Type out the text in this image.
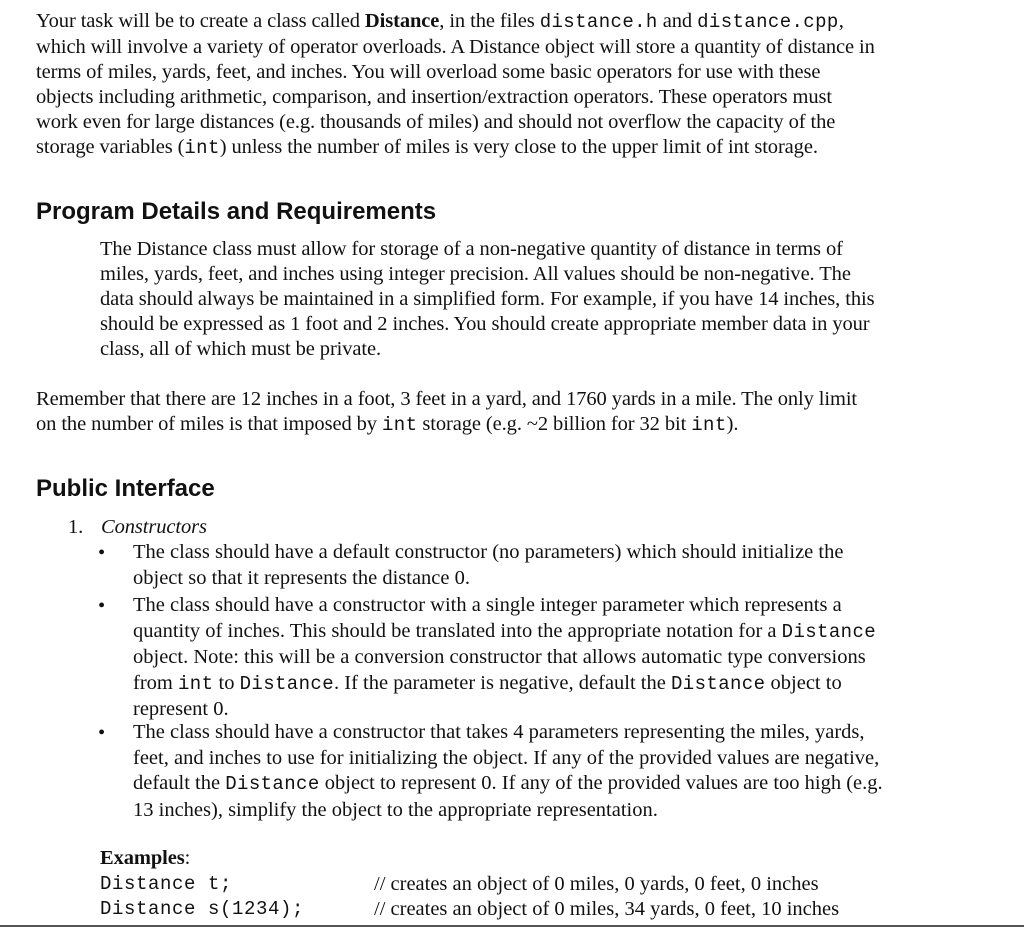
Your task will be to create a class called Distance, in the files distance.h and distance.cpp,
which will involve a variety of operator overloads. A Distance object will store a quantity of distance in
terms of miles, yards, feet, and inches. You will overload some basic operators for use with these
objects including arithmetic, comparison, and insertion/extraction operators. These operators must
work even for large distances (e.g. thousands of miles) and should not overflow the capacity of the
storage variables (int) unless the number of miles is very close to the upper limit of int storage.
Program Details and Requirements
The Distance class must allow for storage of a non-negative quantity of distance in terms of
miles, yards, feet, and inches using integer precision. All values should be non-negative. The
data should always be maintained in a simplified form. For example, if you have 14 inches, this
should be expressed as 1 foot and 2 inches. You should create appropriate member data in your
class, all of which must be private.
Remember that there are 12 inches in a foot, 3 feet in a yard, and 1760 yards in a mile. The only limit
on the number of miles is that imposed by int storage (e.g. ~2 billion for 32 bit int).
Public Interface
1. Constructors
• The class should have a default constructor (no parameters) which should initialize the
object so that it represents the distance 0.
• The class should have a constructor with a single integer parameter which represents a
quantity of inches. This should be translated into the appropriate notation for a Distance
object. Note: this will be a conversion constructor that allows automatic type conversions
from int to Distance. If the parameter is negative, default the Distance object to
represent 0.
• The class should have a constructor that takes 4 parameters representing the miles, yards,
feet, and inches to use for initializing the object. If any of the provided values are negative,
default the Distance object to represent 0. If any of the provided values are too high (e.g.
13 inches), simplify the object to the appropriate representation.
Examples:
Distance t;	// creates an object of 0 miles, 0 yards, 0 feet, 0 inches
Distance s(1234);	// creates an object of 0 miles, 34 yards, 0 feet, 10 inches
